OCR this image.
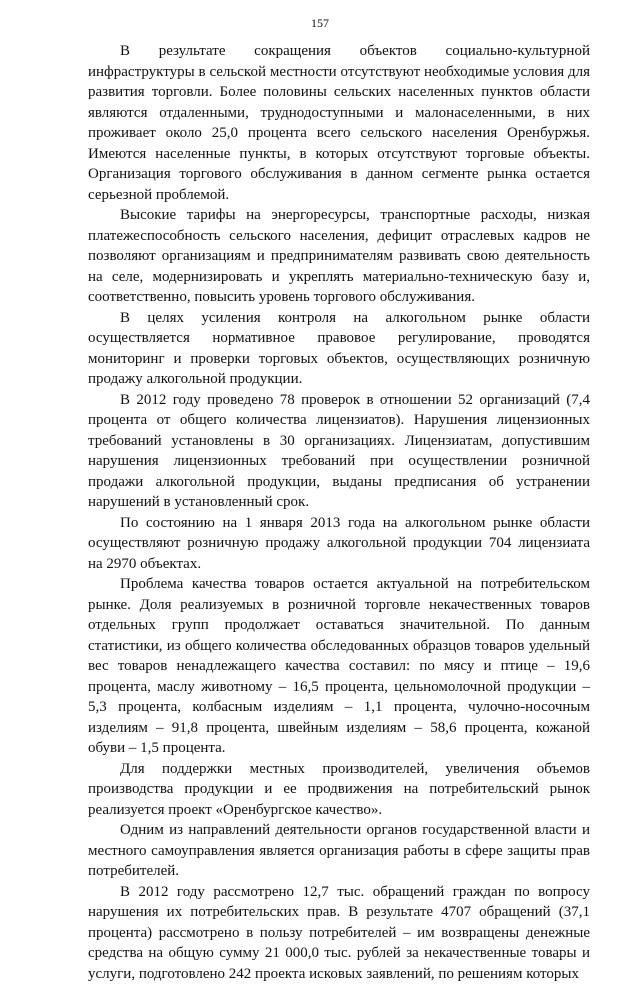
157

В результате сокращения объектов социально-культурной инфраструктуры в сельской местности отсутствуют необходимые условия для развития торговли. Более половины сельских населенных пунктов области являются отдаленными, труднодоступными и малонаселенными, в них проживает около 25,0 процента всего сельского населения Оренбуржья. Имеются населенные пункты, в которых отсутствуют торговые объекты. Организация торгового обслуживания в данном сегменте рынка остается серьезной проблемой.

Высокие тарифы на энергоресурсы, транспортные расходы, низкая платежеспособность сельского населения, дефицит отраслевых кадров не позволяют организациям и предпринимателям развивать свою деятельность на селе, модернизировать и укреплять материально-техническую базу и, соответственно, повысить уровень торгового обслуживания.

В целях усиления контроля на алкогольном рынке области осуществляется нормативное правовое регулирование, проводятся мониторинг и проверки торговых объектов, осуществляющих розничную продажу алкогольной продукции.

В 2012 году проведено 78 проверок в отношении 52 организаций (7,4 процента от общего количества лицензиатов). Нарушения лицензионных требований установлены в 30 организациях. Лицензиатам, допустившим нарушения лицензионных требований при осуществлении розничной продажи алкогольной продукции, выданы предписания об устранении нарушений в установленный срок.

По состоянию на 1 января 2013 года на алкогольном рынке области осуществляют розничную продажу алкогольной продукции 704 лицензиата на 2970 объектах.

Проблема качества товаров остается актуальной на потребительском рынке. Доля реализуемых в розничной торговле некачественных товаров отдельных групп продолжает оставаться значительной. По данным статистики, из общего количества обследованных образцов товаров удельный вес товаров ненадлежащего качества составил: по мясу и птице – 19,6 процента, маслу животному – 16,5 процента, цельномолочной продукции – 5,3 процента, колбасным изделиям – 1,1 процента, чулочно-носочным изделиям – 91,8 процента, швейным изделиям – 58,6 процента, кожаной обуви – 1,5 процента.

Для поддержки местных производителей, увеличения объемов производства продукции и ее продвижения на потребительский рынок реализуется проект «Оренбургское качество».

Одним из направлений деятельности органов государственной власти и местного самоуправления является организация работы в сфере защиты прав потребителей.

В 2012 году рассмотрено 12,7 тыс. обращений граждан по вопросу нарушения их потребительских прав. В результате 4707 обращений (37,1 процента) рассмотрено в пользу потребителей – им возвращены денежные средства на общую сумму 21 000,0 тыс. рублей за некачественные товары и услуги, подготовлено 242 проекта исковых заявлений, по решениям которых
